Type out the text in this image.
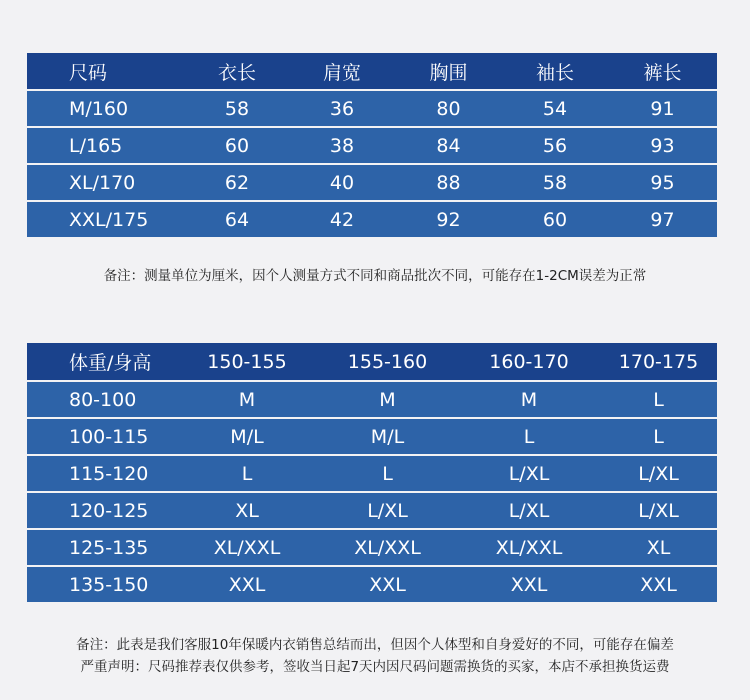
尺码	衣长	肩宽	胸围	袖长	裤长
M/160	58	36	80	54	91
L/165	60	38	84	56	93
XL/170	62	40	88	58	95
XXL/175	64	42	92	60	97
备注：测量单位为厘米，因个人测量方式不同和商品批次不同，可能存在1-2CM误差为正常
体重/身高	150-155	155-160	160-170	170-175
80-100	M	M	M	L
100-115	M/L	M/L	L	L
115-120	L	L	L/XL	L/XL
120-125	XL	L/XL	L/XL	L/XL
125-135	XL/XXL	XL/XXL	XL/XXL	XL
135-150	XXL	XXL	XXL	XXL
备注：此表是我们客服10年保暖内衣销售总结而出，但因个人体型和自身爱好的不同，可能存在偏差
严重声明：尺码推荐表仅供参考，签收当日起7天内因尺码问题需换货的买家，本店不承担换货运费
